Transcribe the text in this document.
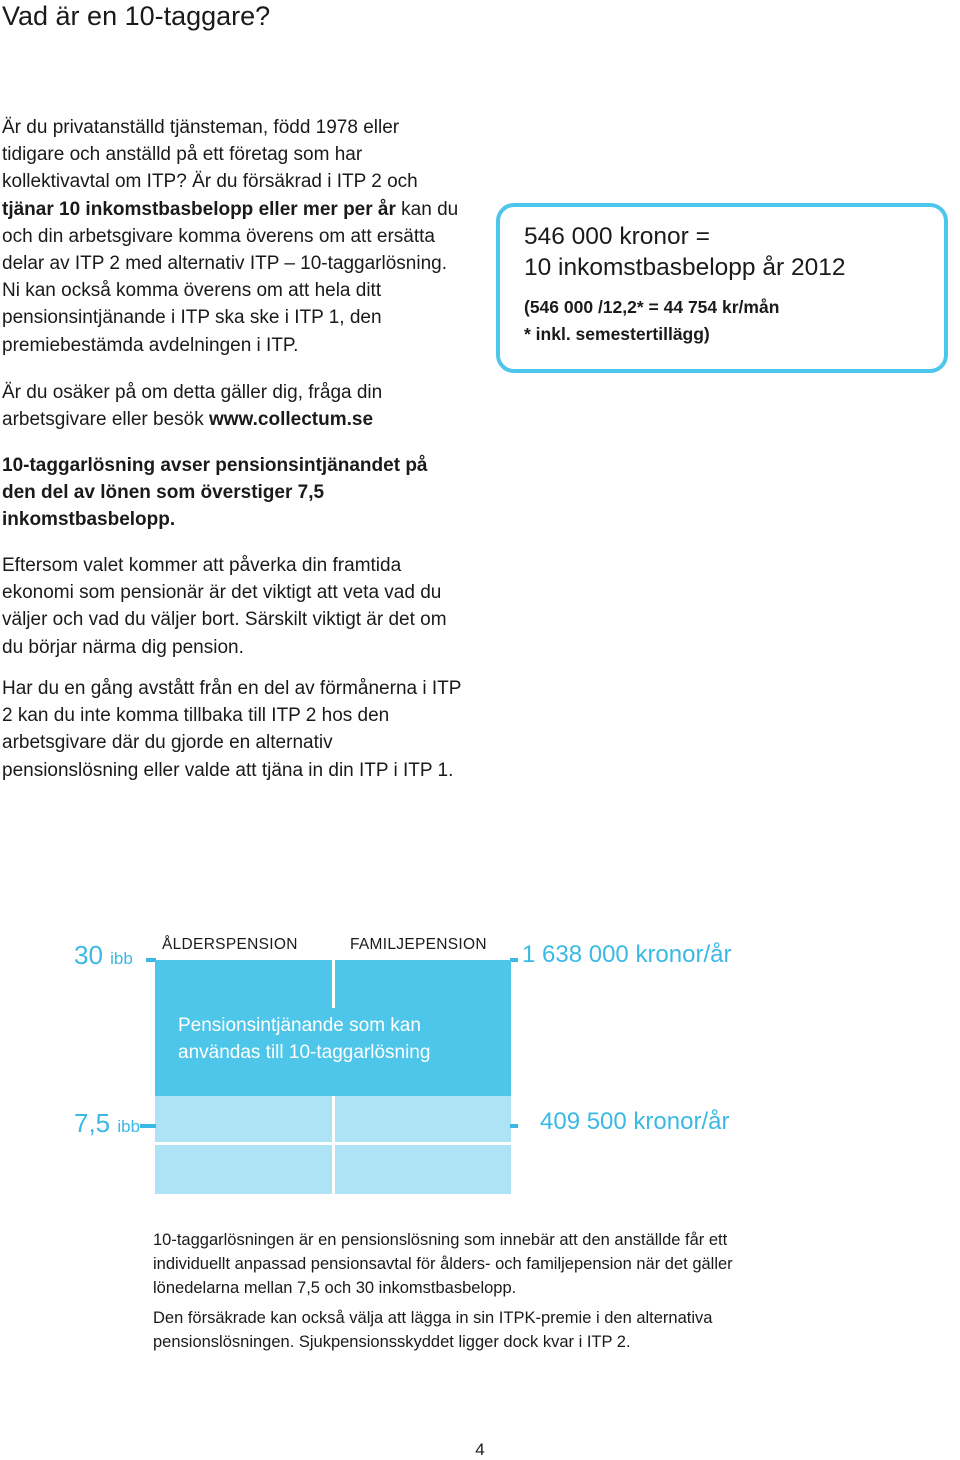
Vad är en 10-taggare?

Är du privatanställd tjänsteman, född 1978 eller tidigare och anställd på ett företag som har kollektivavtal om ITP? Är du försäkrad i ITP 2 och tjänar 10 inkomstbasbelopp eller mer per år kan du och din arbetsgivare komma överens om att ersätta delar av ITP 2 med alternativ ITP – 10-taggarlösning. Ni kan också komma överens om att hela ditt pensionsintjänande i ITP ska ske i ITP 1, den premiebestämda avdelningen i ITP.

Är du osäker på om detta gäller dig, fråga din arbetsgivare eller besök www.collectum.se

10-taggarlösning avser pensionsintjänandet på den del av lönen som överstiger 7,5 inkomstbasbelopp.

Eftersom valet kommer att påverka din framtida ekonomi som pensionär är det viktigt att veta vad du väljer och vad du väljer bort. Särskilt viktigt är det om du börjar närma dig pension.

Har du en gång avstått från en del av förmånerna i ITP 2 kan du inte komma tillbaka till ITP 2 hos den arbetsgivare där du gjorde en alternativ pensionslösning eller valde att tjäna in din ITP i ITP 1.

546 000 kronor =
10 inkomstbasbelopp år 2012
(546 000 /12,2* = 44 754 kr/mån
* inkl. semestertillägg)
30 ibb	1 638 000 kronor/år
ÅLDERSPENSION	FAMILJEPENSION
Pensionsintjänande som kan användas till 10-taggarlösning
7,5 ibb	409 500 kronor/år

10-taggarlösningen är en pensionslösning som innebär att den anställde får ett individuellt anpassad pensionsavtal för ålders- och familjepension när det gäller lönedelarna mellan 7,5 och 30 inkomstbasbelopp.

Den försäkrade kan också välja att lägga in sin ITPK-premie i den alternativa pensionslösningen. Sjukpensionsskyddet ligger dock kvar i ITP 2.

4
